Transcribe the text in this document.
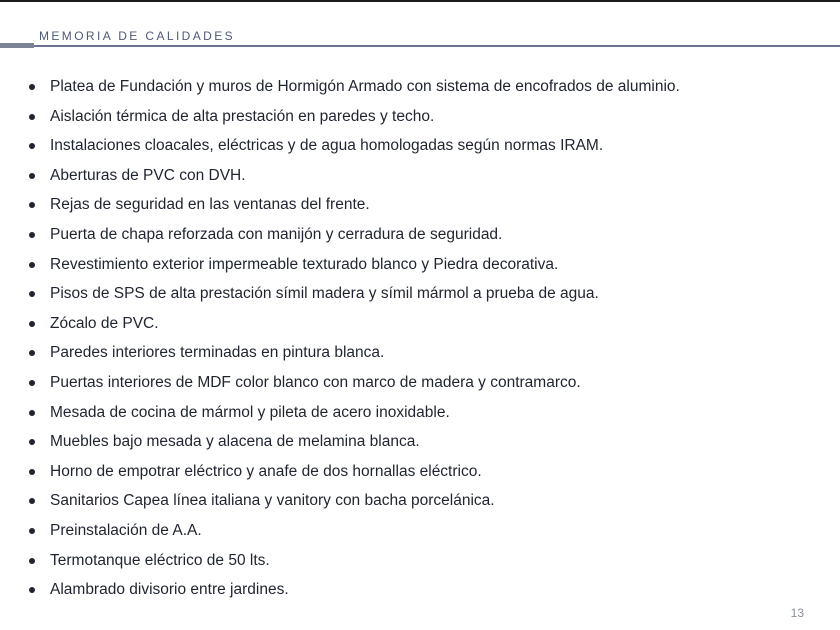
MEMORIA DE CALIDADES
Platea de Fundación y muros de Hormigón Armado con sistema de encofrados de aluminio.
Aislación térmica de alta prestación en paredes y techo.
Instalaciones cloacales, eléctricas y de agua homologadas según normas IRAM.
Aberturas de PVC con DVH.
Rejas de seguridad en las ventanas del frente.
Puerta de chapa reforzada con manijón y cerradura de seguridad.
Revestimiento exterior impermeable texturado blanco y Piedra decorativa.
Pisos de SPS de alta prestación símil madera y símil mármol a prueba de agua.
Zócalo de PVC.
Paredes interiores terminadas en pintura blanca.
Puertas interiores de MDF color blanco con marco de madera y contramarco.
Mesada de cocina de mármol y pileta de acero inoxidable.
Muebles bajo mesada y alacena de melamina blanca.
Horno de empotrar eléctrico y anafe de dos hornallas eléctrico.
Sanitarios Capea línea italiana y vanitory con bacha porcelánica.
Preinstalación de A.A.
Termotanque eléctrico de 50 lts.
Alambrado divisorio entre jardines.
13
